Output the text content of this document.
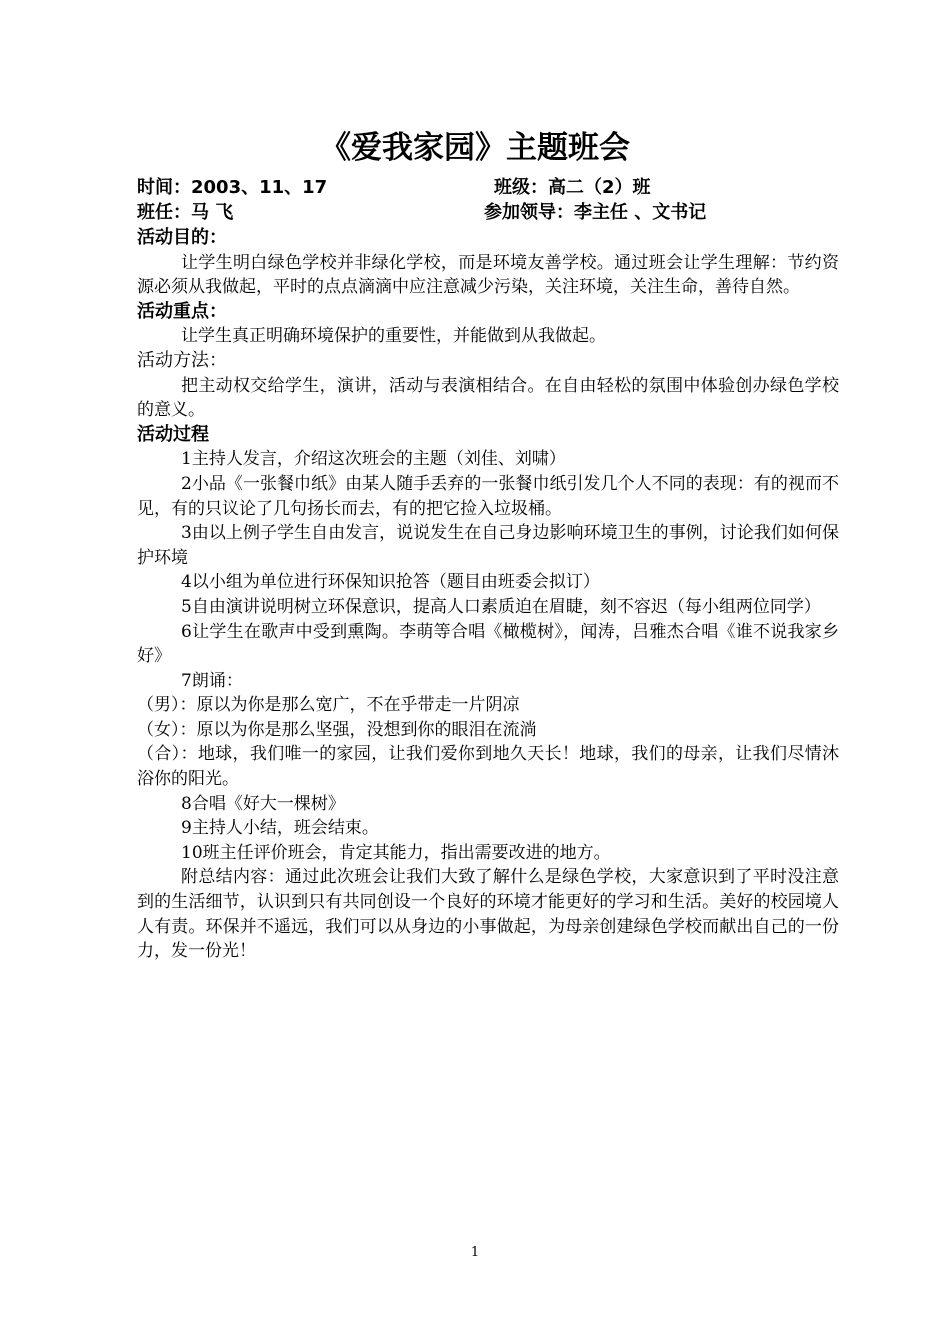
《爱我家园》主题班会
时间：2003、11、17	班级：高二（2）班
班任：马 飞	参加领导：李主任 、文书记

活动目的：

让学生明白绿色学校并非绿化学校，而是环境友善学校。通过班会让学生理解：节约资源必须从我做起，平时的点点滴滴中应注意减少污染，关注环境，关注生命，善待自然。

活动重点：

让学生真正明确环境保护的重要性，并能做到从我做起。

活动方法：

把主动权交给学生，演讲，活动与表演相结合。在自由轻松的氛围中体验创办绿色学校的意义。

活动过程

1主持人发言，介绍这次班会的主题（刘佳、刘啸）

2小品《一张餐巾纸》由某人随手丢弃的一张餐巾纸引发几个人不同的表现：有的视而不见，有的只议论了几句扬长而去，有的把它捡入垃圾桶。

3由以上例子学生自由发言，说说发生在自己身边影响环境卫生的事例，讨论我们如何保护环境

4以小组为单位进行环保知识抢答（题目由班委会拟订）

5自由演讲说明树立环保意识，提高人口素质迫在眉睫，刻不容迟（每小组两位同学）

6让学生在歌声中受到熏陶。李萌等合唱《橄榄树》，闻涛，吕雅杰合唱《谁不说我家乡好》

7朗诵：

（男）：原以为你是那么宽广，不在乎带走一片阴凉

（女）：原以为你是那么坚强，没想到你的眼泪在流淌

（合）：地球，我们唯一的家园，让我们爱你到地久天长！地球，我们的母亲，让我们尽情沐浴你的阳光。

8合唱《好大一棵树》

9主持人小结，班会结束。

10班主任评价班会，肯定其能力，指出需要改进的地方。

附总结内容：通过此次班会让我们大致了解什么是绿色学校，大家意识到了平时没注意到的生活细节，认识到只有共同创设一个良好的环境才能更好的学习和生活。美好的校园境人人有责。环保并不遥远，我们可以从身边的小事做起，为母亲创建绿色学校而献出自己的一份力，发一份光！

1
